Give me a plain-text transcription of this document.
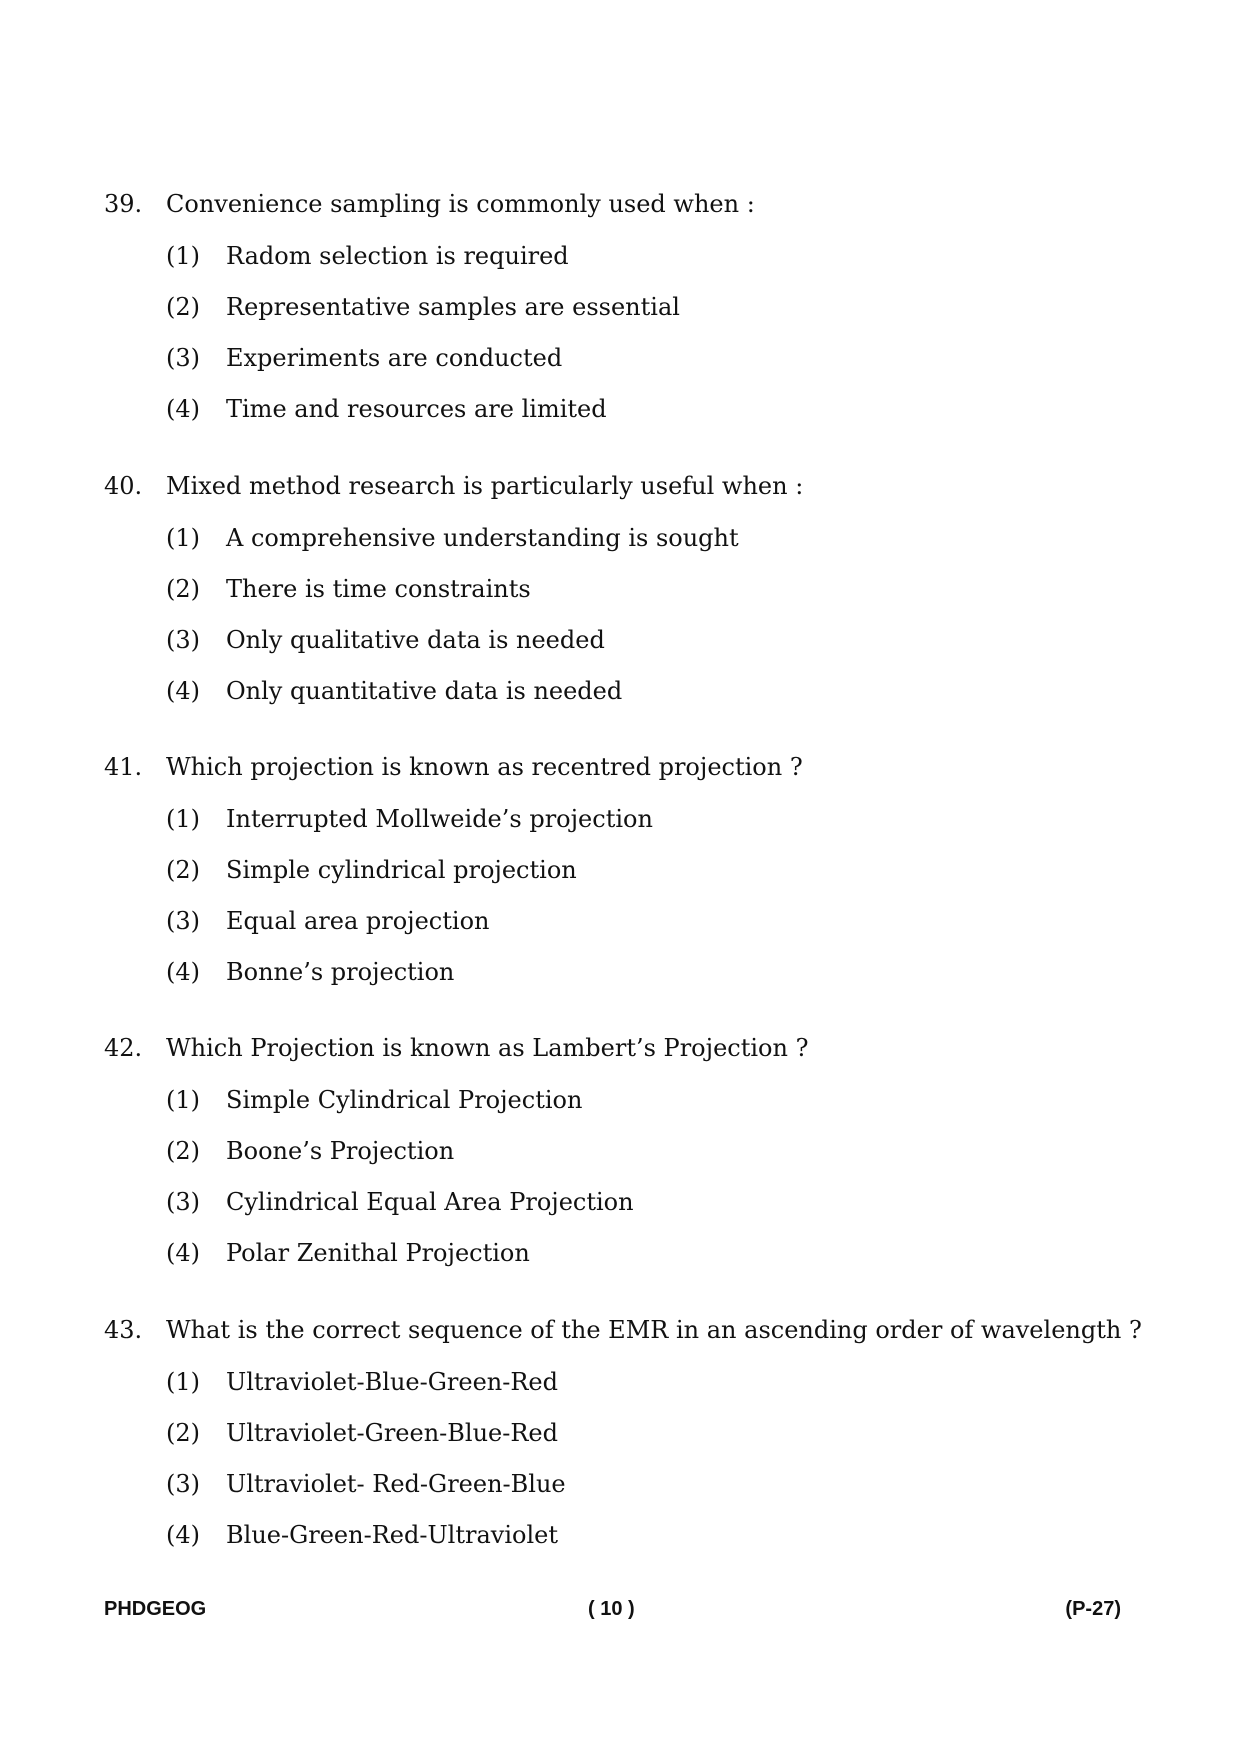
39. Convenience sampling is commonly used when :
(1)	Radom selection is required
(2)	Representative samples are essential
(3)	Experiments are conducted
(4)	Time and resources are limited
40. Mixed method research is particularly useful when :
(1)	A comprehensive understanding is sought
(2)	There is time constraints
(3)	Only qualitative data is needed
(4)	Only quantitative data is needed
41. Which projection is known as recentred projection ?
(1)	Interrupted Mollweide’s projection
(2)	Simple cylindrical projection
(3)	Equal area projection
(4)	Bonne’s projection
42. Which Projection is known as Lambert’s Projection ?
(1)	Simple Cylindrical Projection
(2)	Boone’s Projection
(3)	Cylindrical Equal Area Projection
(4)	Polar Zenithal Projection
43. What is the correct sequence of the EMR in an ascending order of wavelength ?
(1)	Ultraviolet-Blue-Green-Red
(2)	Ultraviolet-Green-Blue-Red
(3)	Ultraviolet- Red-Green-Blue
(4)	Blue-Green-Red-Ultraviolet
PHDGEOG	( 10 )	(P-27)
